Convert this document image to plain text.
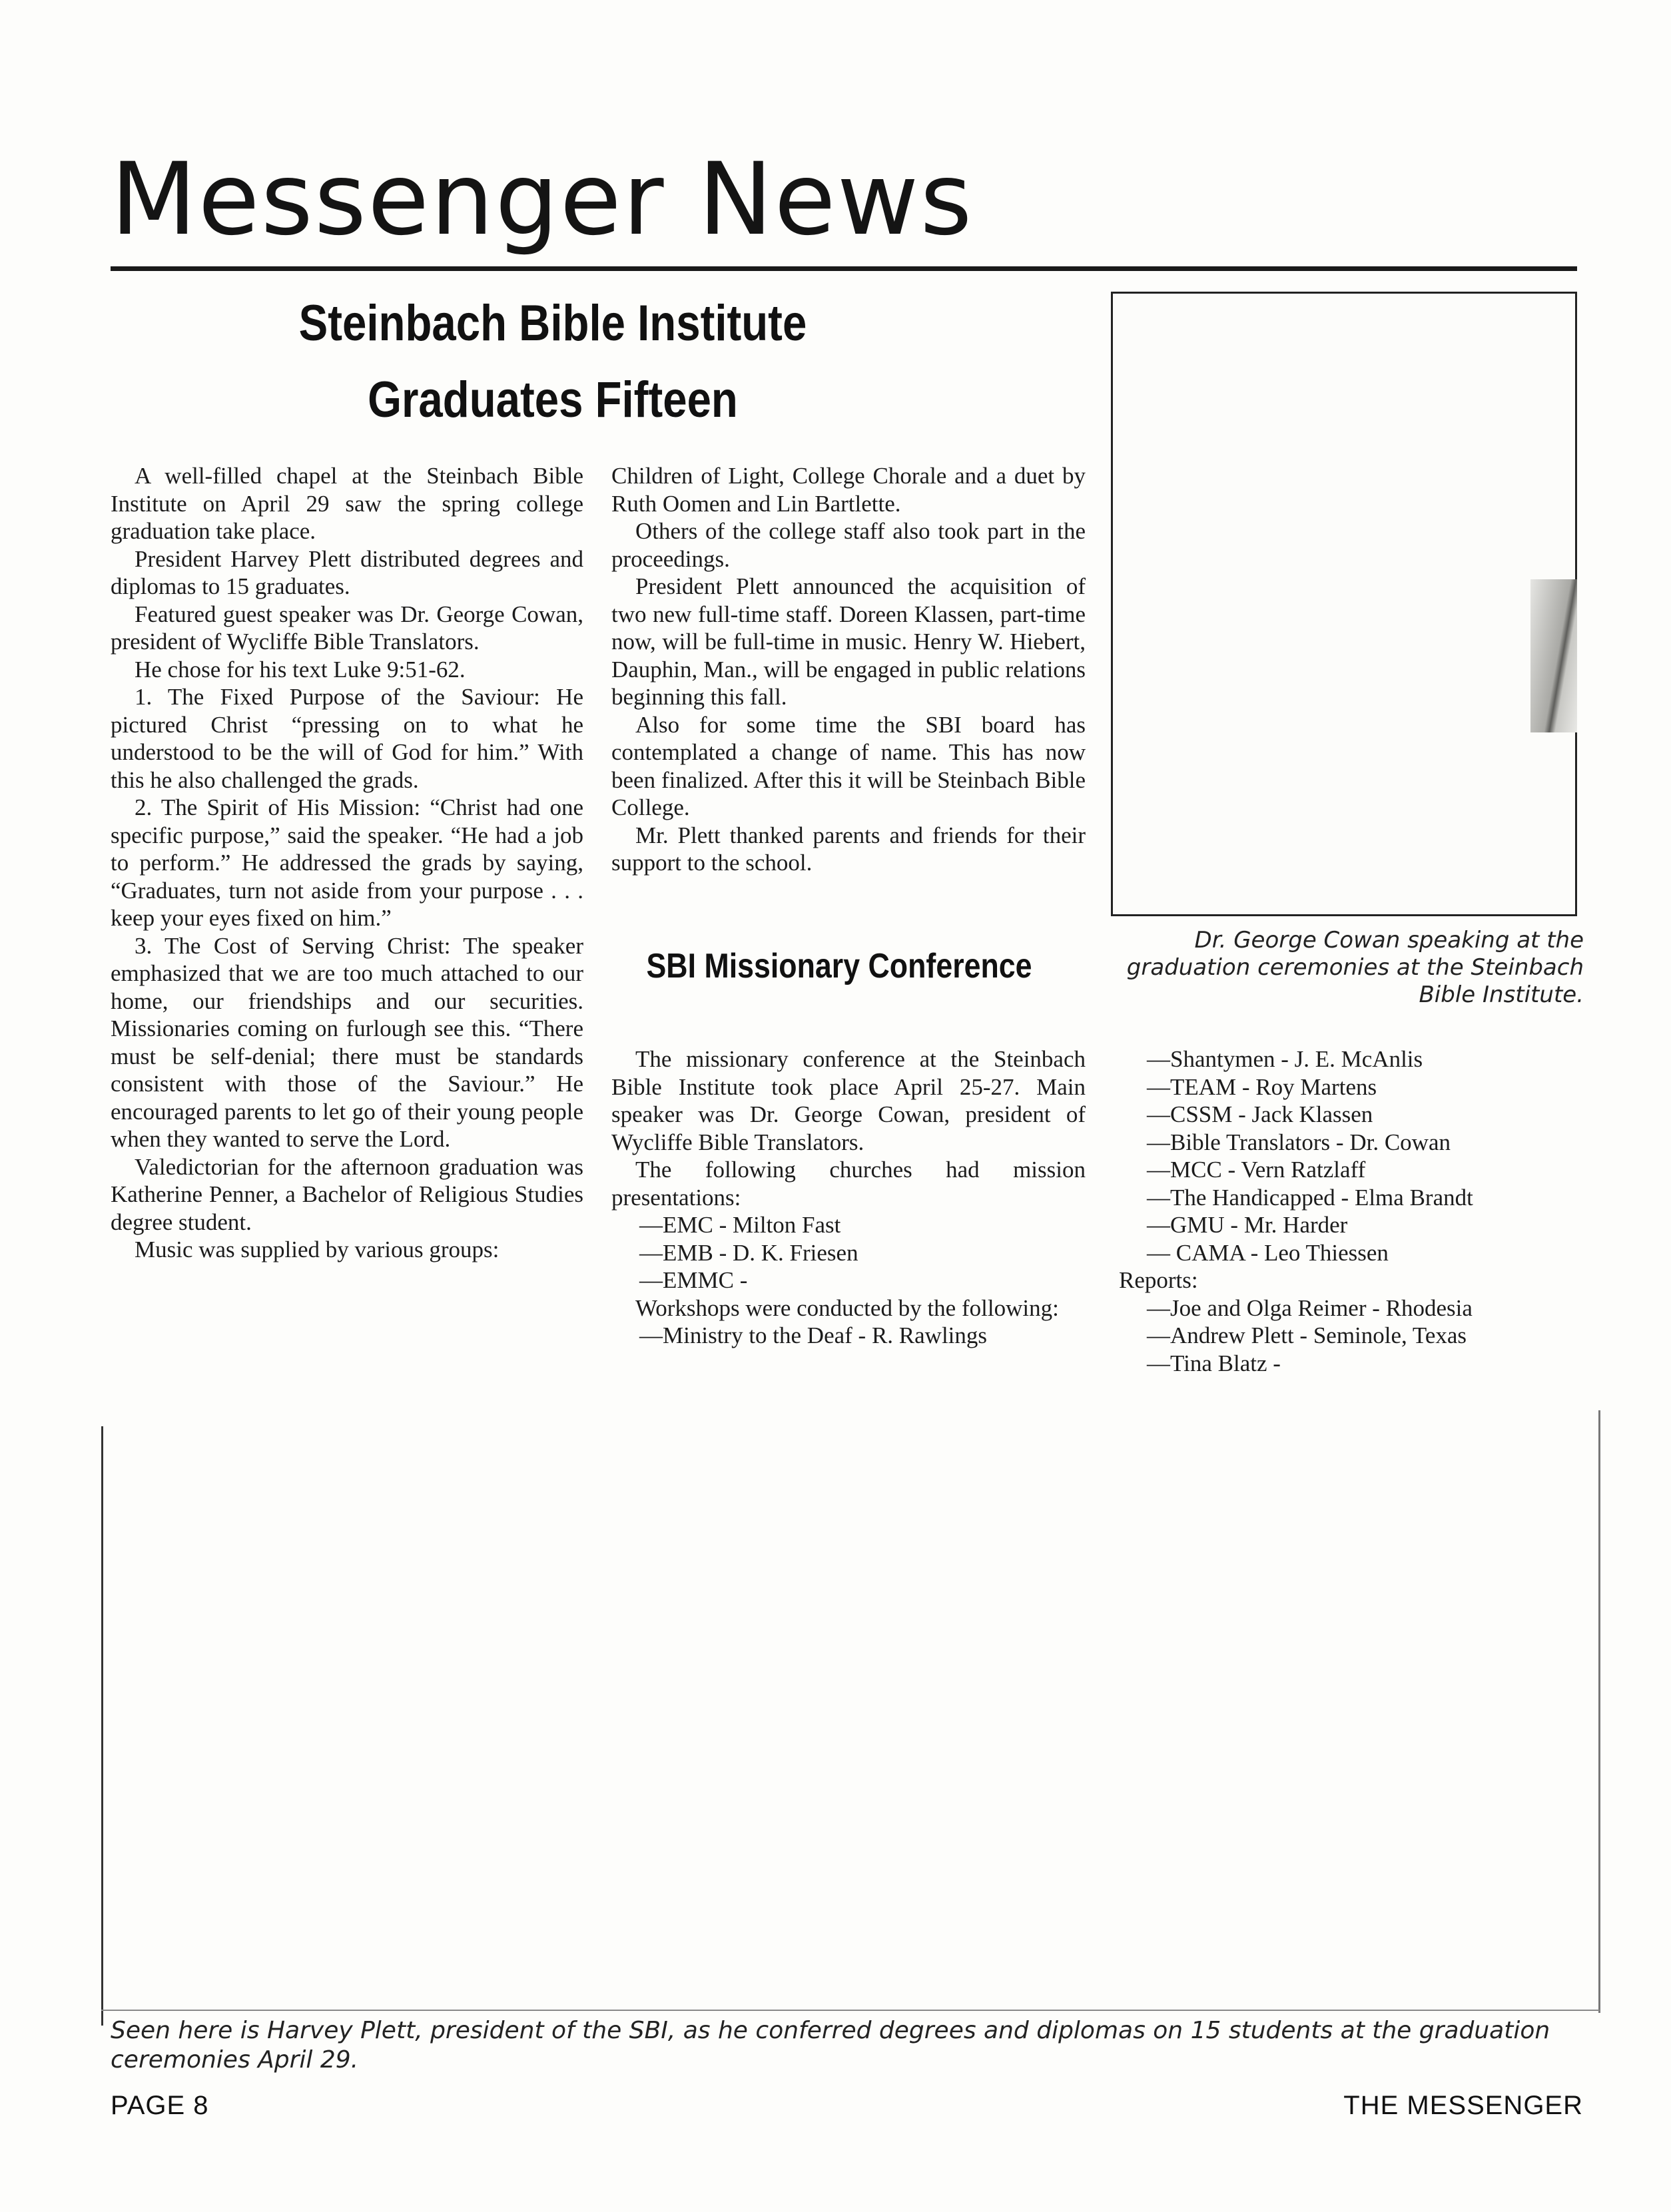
Messenger News
Steinbach Bible Institute
Graduates Fifteen

A well-filled chapel at the Steinbach Bible Institute on April 29 saw the spring college graduation take place.

President Harvey Plett distributed degrees and diplomas to 15 graduates.

Featured guest speaker was Dr. George Cowan, president of Wycliffe Bible Translators.

He chose for his text Luke 9:51-62.

1. The Fixed Purpose of the Saviour: He pictured Christ “pressing on to what he understood to be the will of God for him.” With this he also challenged the grads.

2. The Spirit of His Mission: “Christ had one specific purpose,” said the speaker. “He had a job to perform.” He addressed the grads by saying, “Graduates, turn not aside from your purpose . . . keep your eyes fixed on him.”

3. The Cost of Serving Christ: The speaker emphasized that we are too much attached to our home, our friendships and our securities. Missionaries coming on furlough see this. “There must be self-denial; there must be standards consistent with those of the Saviour.” He encouraged parents to let go of their young people when they wanted to serve the Lord.

Valedictorian for the afternoon graduation was Katherine Penner, a Bachelor of Religious Studies degree student.

Music was supplied by various groups:

Children of Light, College Chorale and a duet by Ruth Oomen and Lin Bartlette.

Others of the college staff also took part in the proceedings.

President Plett announced the acquisition of two new full-time staff. Doreen Klassen, part-time now, will be full-time in music. Henry W. Hiebert, Dauphin, Man., will be engaged in public relations beginning this fall.

Also for some time the SBI board has contemplated a change of name. This has now been finalized. After this it will be Steinbach Bible College.

Mr. Plett thanked parents and friends for their support to the school.

SBI Missionary Conference

The missionary conference at the Steinbach Bible Institute took place April 25-27. Main speaker was Dr. George Cowan, president of Wycliffe Bible Translators.

The following churches had mission presentations:

—EMC - Milton Fast

—EMB - D. K. Friesen

—EMMC -

Workshops were conducted by the following:

—Ministry to the Deaf - R. Rawlings

—Shantymen - J. E. McAnlis

—TEAM - Roy Martens

—CSSM - Jack Klassen

—Bible Translators - Dr. Cowan

—MCC - Vern Ratzlaff

—The Handicapped - Elma Brandt

—GMU - Mr. Harder

— CAMA - Leo Thiessen

Reports:

—Joe and Olga Reimer - Rhodesia

—Andrew Plett - Seminole, Texas

—Tina Blatz -

Dr. George Cowan speaking at the graduation ceremonies at the Steinbach Bible Institute.
Seen here is Harvey Plett, president of the SBI, as he conferred degrees and diplomas on 15 students at the graduation ceremonies April 29.
PAGE 8	THE MESSENGER
